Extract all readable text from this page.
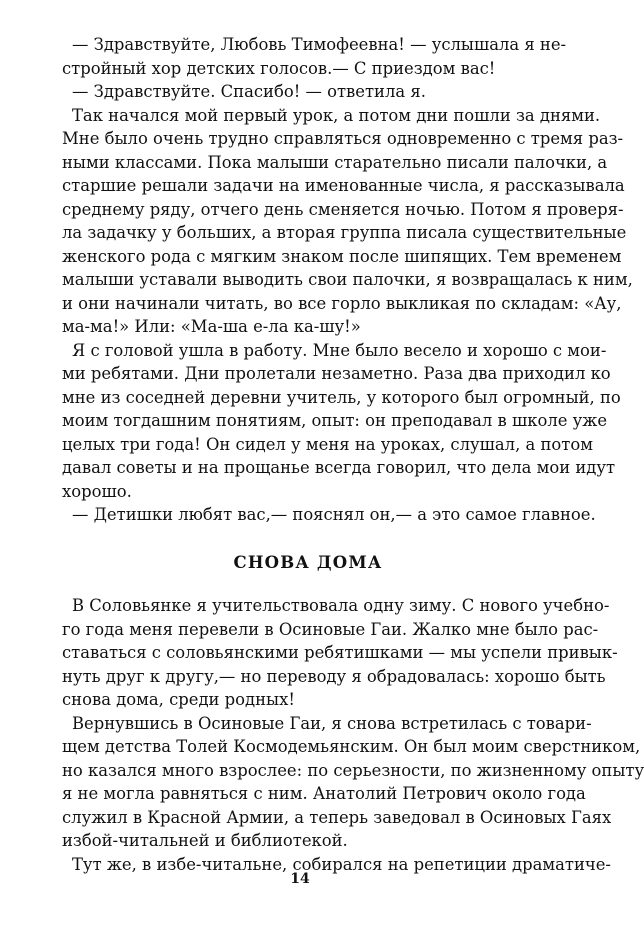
— Здравствуйте, Любовь Тимофеевна! — услышала я не-
стройный хор детских голосов.— С приездом вас!
— Здравствуйте. Спасибо! — ответила я.
Так начался мой первый урок, а потом дни пошли за днями.
Мне было очень трудно справляться одновременно с тремя раз-
ными классами. Пока малыши старательно писали палочки, а
старшие решали задачи на именованные числа, я рассказывала
среднему ряду, отчего день сменяется ночью. Потом я проверя-
ла задачку у больших, а вторая группа писала существительные
женского рода с мягким знаком после шипящих. Тем временем
малыши уставали выводить свои палочки, я возвращалась к ним,
и они начинали читать, во все горло выкликая по складам: «Ау,
ма-ма!» Или: «Ма-ша е-ла ка-шу!»
Я с головой ушла в работу. Мне было весело и хорошо с мои-
ми ребятами. Дни пролетали незаметно. Раза два приходил ко
мне из соседней деревни учитель, у которого был огромный, по
моим тогдашним понятиям, опыт: он преподавал в школе уже
целых три года! Он сидел у меня на уроках, слушал, а потом
давал советы и на прощанье всегда говорил, что дела мои идут
хорошо.
— Детишки любят вас,— пояснял он,— а это самое главное.
СНОВА ДОМА
В Соловьянке я учительствовала одну зиму. С нового учебно-
го года меня перевели в Осиновые Гаи. Жалко мне было рас-
ставаться с соловьянскими ребятишками — мы успели привык-
нуть друг к другу,— но переводу я обрадовалась: хорошо быть
снова дома, среди родных!
Вернувшись в Осиновые Гаи, я снова встретилась с товари-
щем детства Толей Космодемьянским. Он был моим сверстником,
но казался много взрослее: по серьезности, по жизненному опыту
я не могла равняться с ним. Анатолий Петрович около года
служил в Красной Армии, а теперь заведовал в Осиновых Гаях
избой-читальней и библиотекой.
Тут же, в избе-читальне, собирался на репетиции драматиче-
14
